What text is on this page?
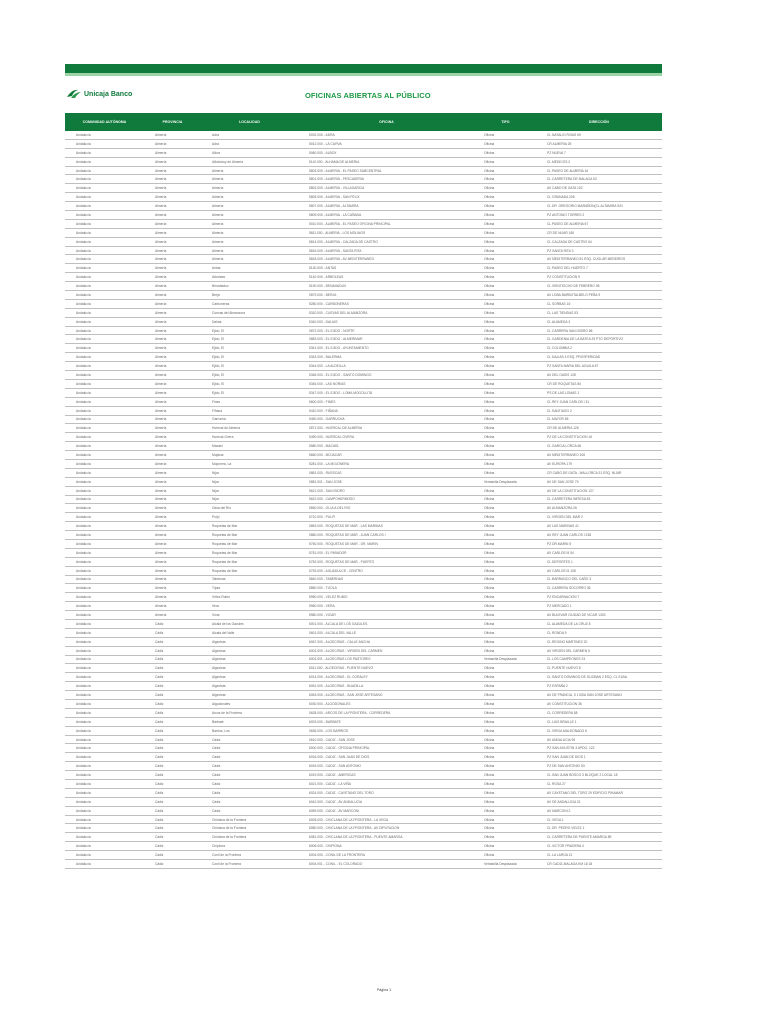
Unicaja Banco	OFICINAS ABIERTAS AL PÚBLICO
COMUNIDAD AUTÓNOMA	PROVINCIA	LOCALIDAD	OFICINA	TIPO	DIRECCIÓN
Andalucía	Almería	Adra	5032.000 - ADRA	Oficina	CL NATALIO RIVAS 69
Andalucía	Almería	Adra	5012.000 - LA CURVA	Oficina	CR ALMERIA 25
Andalucía	Almería	Albox	5060.000 - ALBOX	Oficina	PZ NUEVA 7
Andalucía	Almería	Alboloduy de Almería	5110.000 - ALHAMA DE ALMERIA	Oficina	CL MEDICOS 2
Andalucía	Almería	Almería	5803.000 - ALMERIA - EL PASEO SUBCENTRAL	Oficina	CL PASEO DE ALMERIA 16
Andalucía	Almería	Almería	5801.000 - ALMERIA - PESCADERIA	Oficina	CL CARRETERA DE MALAGA 53
Andalucía	Almería	Almería	5802.000 - ALMERIA - VILLAGARCIA	Oficina	AV CABO DE GATA 152
Andalucía	Almería	Almería	5805.000 - ALMERIA - SAN FELIX	Oficina	CL GRANADA 206
Andalucía	Almería	Almería	5807.000 - ALMERIA - ALTAMIRA	Oficina	CL DR. GREGORIO MARAÑON(CL ALTAMIRA S/N
Andalucía	Almería	Almería	5809.000 - ALMERIA - LA CAÑADA	Oficina	PZ ANTONIO TORRES 2
Andalucía	Almería	Almería	5010.000 - ALMERIA - EL PASEO OFICINA PRINCIPAL	Oficina	CL PASEO DE ALMERIA 67
Andalucía	Almería	Almería	5811.000 - ALMERIA - LOS MOLINOS	Oficina	CR DE NIJAR 180
Andalucía	Almería	Almería	5814.000 - ALMERIA - CALZADA DE CASTRO	Oficina	CL CALZADA DE CASTRO 64
Andalucía	Almería	Almería	5816.000 - ALMERIA - SANTA RITA	Oficina	PZ SANTA RITA 3
Andalucía	Almería	Almería	5818.000 - ALMERIA - AV MEDITERRANEO	Oficina	AV MEDITERRANEO 81 ESQ. CUGLAR MEDEIROS
Andalucía	Almería	Antas	5130.000 - ANTAS	Oficina	CL PASEO DEL HUERTO 7
Andalucía	Almería	Arboleas	5140.000 - ARBOLEAS	Oficina	PZ CONSTITUCION 9
Andalucía	Almería	Benahadux	5150.000 - BENAHADUX	Oficina	CL VEINTIOCHO DE FEBRERO 98
Andalucía	Almería	Berja	0879.000 - BERJA	Oficina	AV LOBA BARBOTALBELO PEÑA 9
Andalucía	Almería	Carboneras	5280.000 - CARBONERAS	Oficina	CL SORBAS 16
Andalucía	Almería	Cuevas del Almanzora	5310.000 - CUEVAS DEL ALMANZORA	Oficina	CL LAS TIENDAS 53
Andalucía	Almería	Dalías	5340.000 - DALIAS	Oficina	CL ALAMEDA 3
Andalucía	Almería	Ejido, El	0872.000 - EL EJIDO - NORTE	Oficina	CL CARRERA SAN ISIDRO 86
Andalucía	Almería	Ejido, El	0883.000 - EL EJIDO - ALMERIMAR	Oficina	CL GARDENIA DE LA BATEA 29 PTO DEPORTIVO
Andalucía	Almería	Ejido, El	5341.000 - EL EJIDO - AYUNTAMIENTO	Oficina	CL COLOMBIA 2
Andalucía	Almería	Ejido, El	5343.000 - BALERMA	Oficina	CL DALIAS 4 ESQ. PROSPERIDAD
Andalucía	Almería	Ejido, El	5344.000 - LA ALDEILLA	Oficina	PZ SANTA MARIA DEL AGUILA 87
Andalucía	Almería	Ejido, El	5346.000 - EL EJIDO - SANTO DOMINGO	Oficina	AV DEL OASIS 128
Andalucía	Almería	Ejido, El	5345.000 - LAS NORIAS	Oficina	CR DE ROQUETAS 84
Andalucía	Almería	Ejido, El	5347.000 - EL EJIDO - LOMA MOGOLLITA	Oficina	PS DE LAS LOMAS 1
Andalucía	Almería	Fines	5600.000 - FINES	Oficina	CL REY JUAN CARLOS I 31
Andalucía	Almería	Fiñana	5410.000 - FIÑANA	Oficina	CL SANTIAGO 2
Andalucía	Almería	Garrucha	5450.000 - GARRUCHA	Oficina	CL MAYOR 56
Andalucía	Almería	Huércal de Almería	0871.000 - HUERCAL DE ALMERIA	Oficina	CR DE ALMERIA 126
Andalucía	Almería	Huércal-Overa	5490.000 - HUERCAL-OVERA	Oficina	PZ DE LA CONSTITUCION 16
Andalucía	Almería	Macael	5580.000 - MACAEL	Oficina	CL GARCIA LORCA 66
Andalucía	Almería	Mojácar	5660.000 - MOJACAR	Oficina	AV MEDITERRANEO 106
Andalucía	Almería	Mojonera, La	5281.000 - LA MOJONERA	Oficina	AV EUROPA 179
Andalucía	Almería	Níjar	0881.000 - RUESCAS	Oficina	CR CABO DE GATA - MALLORCA 31 ESQ. NIJAR
Andalucía	Almería	Níjar	0881.001 - SAN JOSE	Ventanilla Desplazada	AV DE SAN JOSE 79
Andalucía	Almería	Níjar	5621.000 - SAN ISIDRO	Oficina	AV DE LA CONSTITUCION 127
Andalucía	Almería	Níjar	5622.000 - CAMPOHERMOSO	Oficina	CL CARRETERA INFIESA 83
Andalucía	Almería	Olula del Río	5650.000 - OLULA DEL RIO	Oficina	AV ALMANZORA 26
Andalucía	Almería	Pulpí	5710.000 - PULPI	Oficina	CL VIRGEN DEL MAR 2
Andalucía	Almería	Roquetas de Mar	0863.000 - ROQUETAS DE MAR - LAS MARINAS	Oficina	AV LAS MARINAS 41
Andalucía	Almería	Roquetas de Mar	0880.000 - ROQUETAS DE MAR - JUAN CARLOS I	Oficina	AV REY JUAN CARLOS I 238
Andalucía	Almería	Roquetas de Mar	5750.000 - ROQUETAS DE MAR - DR. MARIN	Oficina	PZ DR.MARIN 5
Andalucía	Almería	Roquetas de Mar	5751.000 - EL PARADOR	Oficina	AV CARLOS III 54
Andalucía	Almería	Roquetas de Mar	5752.000 - ROQUETAS DE MAR - PUERTO	Oficina	CL DEPORTES 1
Andalucía	Almería	Roquetas de Mar	5753.000 - AGUADULCE - CENTRO	Oficina	AV CARLOS III 108
Andalucía	Almería	Tabernas	5840.000 - TABERNAS	Oficina	CL BARRANCO DEL CAÑO 3
Andalucía	Almería	Tíjola	5880.000 - TIJOLA	Oficina	CL CARRERA SOCORRO 36
Andalucía	Almería	Vélez-Rubio	5950.000 - VELEZ RUBIO	Oficina	PZ ENCARNACION 7
Andalucía	Almería	Vera	5960.000 - VERA	Oficina	PZ MERCADO 1
Andalucía	Almería	Vícar	5980.000 - VICAR	Oficina	AV BULEVAR CIUDAD DE VICAR 1303
Andalucía	Cádiz	Alcalá de los Gazules	6001.000 - ALCALA DE LOS GAZULES	Oficina	CL ALAMEDA DE LA CRUZ 8
Andalucía	Cádiz	Alcalá del Valle	0601.000 - ALCALA DEL VALLE	Oficina	CL RONDA 9
Andalucía	Cádiz	Algeciras	6067.000 - ALGECIRAS - CALLE ANCHA	Oficina	CL REGINO MARTINEZ 20
Andalucía	Cádiz	Algeciras	6002.000 - ALGECIRAS - VIRGEN DEL CARMEN	Oficina	AV VIRGEN DEL CARMEN 5
Andalucía	Cádiz	Algeciras	6002.001 - ALGECIRAS LOS PASTORES	Ventanilla Desplazada	CL LOS CAMPEONES 23
Andalucía	Cádiz	Algeciras	6011.000 - ALGECIRAS - PUENTE NUEVO	Oficina	CL PUENTE NUEVO 8
Andalucía	Cádiz	Algeciras	6014.000 - ALGECIRAS - EL CORALEY	Oficina	CL SANTO DOMINGO DE GUZMAN 2 ESQ. CL ELBA
Andalucía	Cádiz	Algeciras	6051.000 - ALGECIRAS - BUADILLA	Oficina	PZ ESPAÑA 2
Andalucía	Cádiz	Algeciras	6063.000 - ALGECIRAS - SAN JOSE ARTESANO	Oficina	AV DE FRANCIA, 5 1 BDA SAN JOSE ARTESANO
Andalucía	Cádiz	Algodonales	6030.000 - ALGODONALES	Oficina	AV CONSTITUCION 36
Andalucía	Cádiz	Arcos de la Frontera	0628.000 - ARCOS DE LA FRONTERA - CORREDERA	Oficina	CL CORREDERA 58
Andalucía	Cádiz	Barbate	6003.000 - BARBATE	Oficina	CL LUIS BRAILLE 1
Andalucía	Cádiz	Barrios, Los	0636.000 - LOS BARRIOS	Oficina	CL VIRGA MALDONADO 6
Andalucía	Cádiz	Cádiz	0610.000 - CADIZ - SAN JOSE	Oficina	AV ANDALUCIA 95
Andalucía	Cádiz	Cádiz	6000.000 - CADIZ - OFICINA PRINCIPAL	Oficina	PZ SAN AGUSTIN 3 APDO. 122
Andalucía	Cádiz	Cádiz	6016.000 - CADIZ - SAN JUAN DE DIOS	Oficina	PZ SAN JUAN DE DIOS 1
Andalucía	Cádiz	Cádiz	6018.000 - CADIZ - SAN ANTONIO	Oficina	PZ DE SAN ANTONIO 53
Andalucía	Cádiz	Cádiz	6019.000 - CADIZ - AMERICAS	Oficina	CL SAN JUAN BOSCO 3 BLOQUE 2 LOCAL 18
Andalucía	Cádiz	Cádiz	6021.000 - CADIZ - LA VIÑA	Oficina	CL ROSA 27
Andalucía	Cádiz	Cádiz	6024.000 - CADIZ - CAYETANO DEL TORO	Oficina	AV CAYETANO DEL TORO 29 EDIFICIO PINAMAR
Andalucía	Cádiz	Cádiz	6042.000 - CADIZ - AV ANDALUCIA	Oficina	AV DE ANDALUCIA 21
Andalucía	Cádiz	Cádiz	6059.000 - CADIZ - AV MARCONI	Oficina	AV MARCONI 2
Andalucía	Cádiz	Chiclana de la Frontera	6005.000 - CHICLANA DE LA FRONTERA - LA VEGA	Oficina	CL VEGA 1
Andalucía	Cádiz	Chiclana de la Frontera	6080.000 - CHICLANA DE LA FRONTERA - AV DIPUTACION	Oficina	CL DR. PEDRO VELEZ 1
Andalucía	Cádiz	Chiclana de la Frontera	6081.000 - CHICLANA DE LA FRONTERA - PUENTE AMARGA	Oficina	CL CARRETERA DE PUENTE AMARGA 89
Andalucía	Cádiz	Chipiona	6006.000 - CHIPIONA	Oficina	CL VICTOR PRADERA 4
Andalucía	Cádiz	Conil de la Frontera	6004.000 - CONIL DE LA FRONTERA	Oficina	CL LA LARGA 12
Andalucía	Cádiz	Conil de la Frontera	6004.001 - CONIL - EL COLORADO	Ventanilla Desplazada	CR CADIZ-MALAGA KM 18 18
Página 1
